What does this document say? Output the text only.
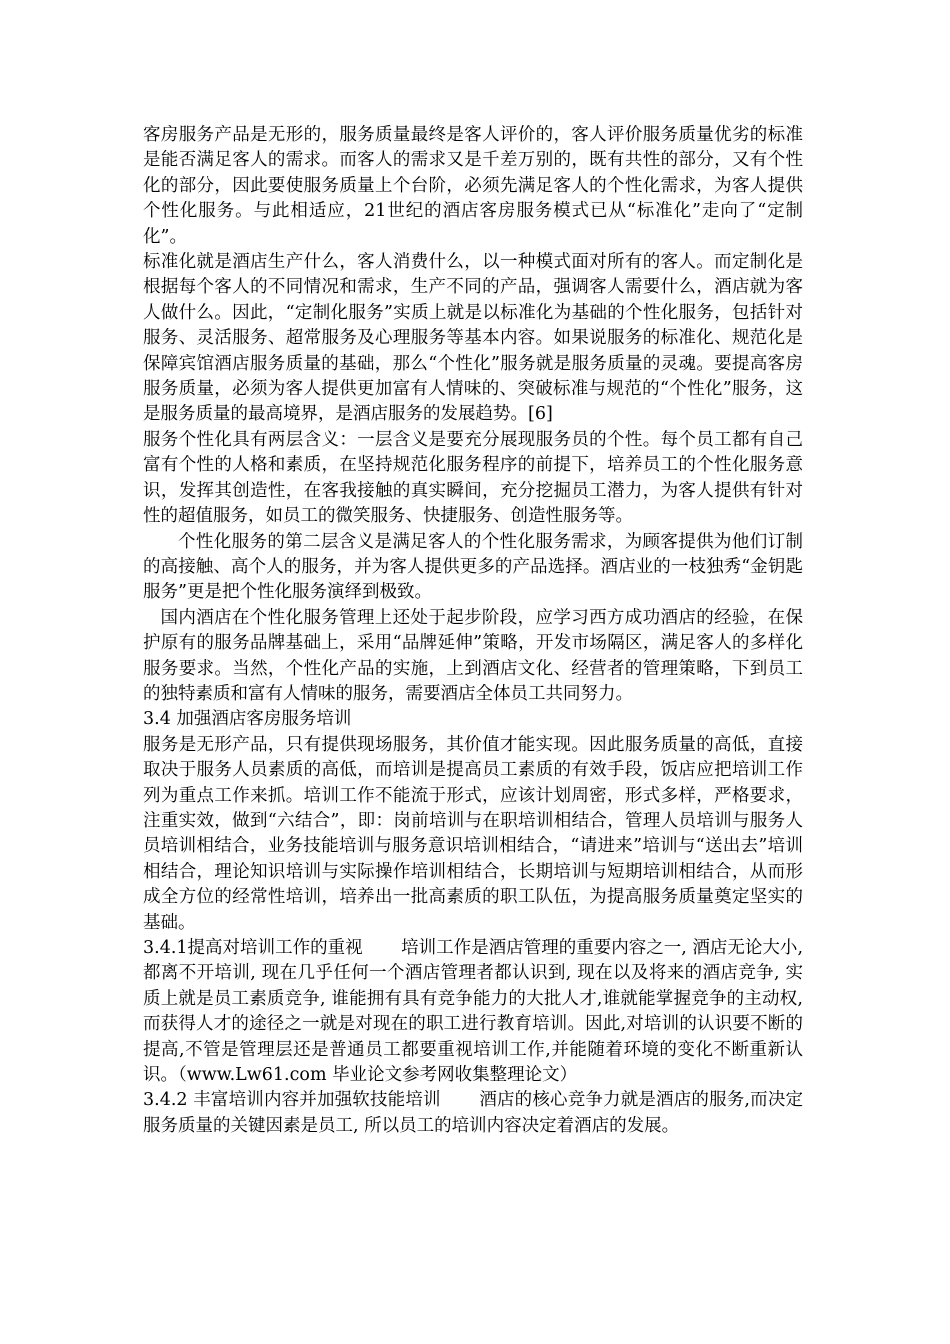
客房服务产品是无形的，服务质量最终是客人评价的，客人评价服务质量优劣的标准是能否满足客人的需求。而客人的需求又是千差万别的，既有共性的部分，又有个性化的部分，因此要使服务质量上个台阶，必须先满足客人的个性化需求，为客人提供个性化服务。与此相适应，21世纪的酒店客房服务模式已从“标准化”走向了“定制化”。

标准化就是酒店生产什么，客人消费什么，以一种模式面对所有的客人。而定制化是根据每个客人的不同情况和需求，生产不同的产品，强调客人需要什么，酒店就为客人做什么。因此，“定制化服务”实质上就是以标准化为基础的个性化服务，包括针对服务、灵活服务、超常服务及心理服务等基本内容。如果说服务的标准化、规范化是保障宾馆酒店服务质量的基础，那么“个性化”服务就是服务质量的灵魂。要提高客房服务质量，必须为客人提供更加富有人情味的、突破标准与规范的“个性化”服务，这是服务质量的最高境界，是酒店服务的发展趋势。[6]

服务个性化具有两层含义：一层含义是要充分展现服务员的个性。每个员工都有自己富有个性的人格和素质，在坚持规范化服务程序的前提下，培养员工的个性化服务意识，发挥其创造性，在客我接触的真实瞬间，充分挖掘员工潜力，为客人提供有针对性的超值服务，如员工的微笑服务、快捷服务、创造性服务等。

个性化服务的第二层含义是满足客人的个性化服务需求，为顾客提供为他们订制的高接触、高个人的服务，并为客人提供更多的产品选择。酒店业的一枝独秀“金钥匙服务”更是把个性化服务演绎到极致。

国内酒店在个性化服务管理上还处于起步阶段，应学习西方成功酒店的经验，在保护原有的服务品牌基础上，采用“品牌延伸”策略，开发市场隔区，满足客人的多样化服务要求。当然，个性化产品的实施，上到酒店文化、经营者的管理策略，下到员工的独特素质和富有人情味的服务，需要酒店全体员工共同努力。

3.4 加强酒店客房服务培训

服务是无形产品，只有提供现场服务，其价值才能实现。因此服务质量的高低，直接取决于服务人员素质的高低，而培训是提高员工素质的有效手段，饭店应把培训工作列为重点工作来抓。培训工作不能流于形式，应该计划周密，形式多样，严格要求，注重实效，做到“六结合”，即：岗前培训与在职培训相结合，管理人员培训与服务人员培训相结合，业务技能培训与服务意识培训相结合，“请进来”培训与“送出去”培训相结合，理论知识培训与实际操作培训相结合，长期培训与短期培训相结合，从而形成全方位的经常性培训，培养出一批高素质的职工队伍，为提高服务质量奠定坚实的基础。

3.4.1提高对培训工作的重视 培训工作是酒店管理的重要内容之一, 酒店无论大小, 都离不开培训, 现在几乎任何一个酒店管理者都认识到, 现在以及将来的酒店竞争, 实质上就是员工素质竞争, 谁能拥有具有竞争能力的大批人才,谁就能掌握竞争的主动权, 而获得人才的途径之一就是对现在的职工进行教育培训。因此,对培训的认识要不断的提高,不管是管理层还是普通员工都要重视培训工作,并能随着环境的变化不断重新认识。（www.Lw61.com 毕业论文参考网收集整理论文）

3.4.2 丰富培训内容并加强软技能培训 酒店的核心竞争力就是酒店的服务,而决定服务质量的关键因素是员工, 所以员工的培训内容决定着酒店的发展。
